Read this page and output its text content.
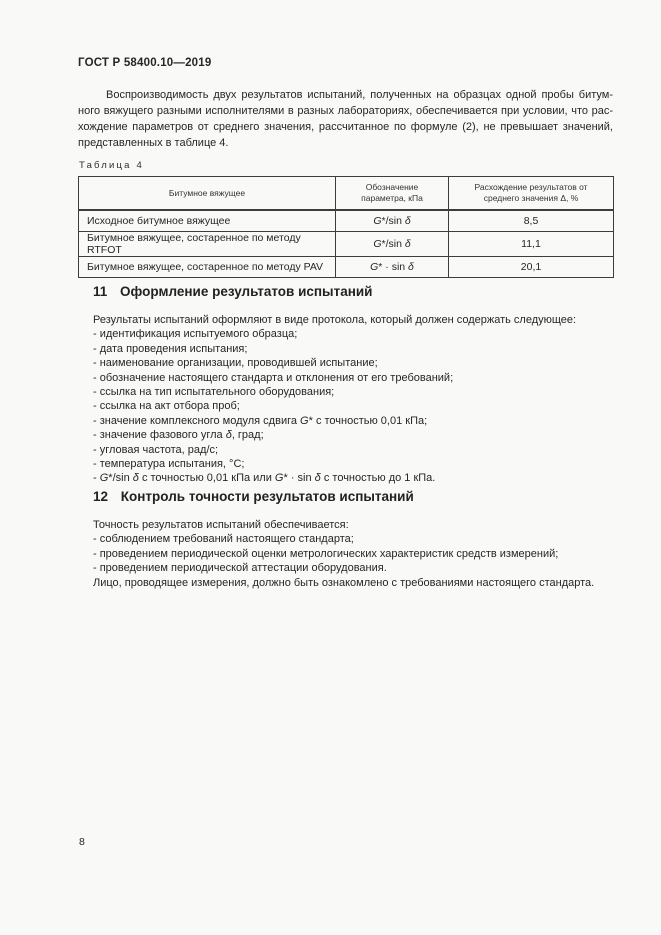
ГОСТ Р 58400.10—2019
Воспроизводимость двух результатов испытаний, полученных на образцах одной пробы битум-
ного вяжущего разными исполнителями в разных лабораториях, обеспечивается при условии, что рас-
хождение параметров от среднего значения, рассчитанное по формуле (2), не превышает значений,
представленных в таблице 4.
Таблица 4
Битумное вяжущее	Обозначение параметра, кПа	Расхождение результатов от среднего значения Δ, %
Исходное битумное вяжущее	G*/sin δ	8,5
Битумное вяжущее, состаренное по методу RTFOT	G*/sin δ	11,1
Битумное вяжущее, состаренное по методу PAV	G* · sin δ	20,1
11 Оформление результатов испытаний
Результаты испытаний оформляют в виде протокола, который должен содержать следующее:
- идентификация испытуемого образца;
- дата проведения испытания;
- наименование организации, проводившей испытание;
- обозначение настоящего стандарта и отклонения от его требований;
- ссылка на тип испытательного оборудования;
- ссылка на акт отбора проб;
- значение комплексного модуля сдвига G* с точностью 0,01 кПа;
- значение фазового угла δ, град;
- угловая частота, рад/с;
- температура испытания, °С;
- G*/sin δ с точностью 0,01 кПа или G* · sin δ с точностью до 1 кПа.
12 Контроль точности результатов испытаний
Точность результатов испытаний обеспечивается:
- соблюдением требований настоящего стандарта;
- проведением периодической оценки метрологических характеристик средств измерений;
- проведением периодической аттестации оборудования.
Лицо, проводящее измерения, должно быть ознакомлено с требованиями настоящего стандарта.
8
